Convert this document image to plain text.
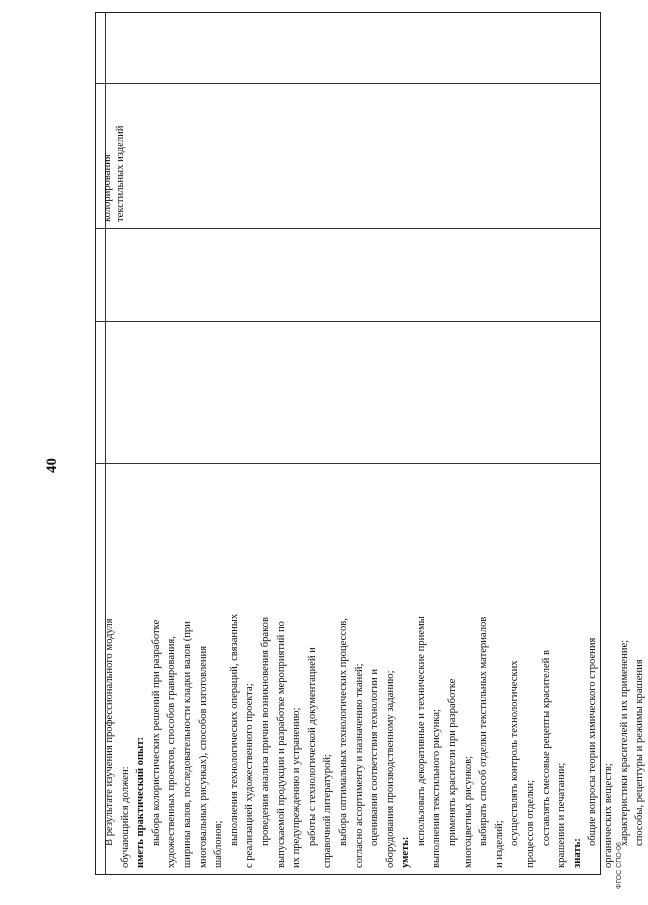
ФГОС СПО-06
40
В результате изучения профессионального модуля обучающийся должен: иметь практический опыт: выбора колористических решений при разработке художественных проектов, способов гравирования, ширины валов, последовательности кладки валов (при многовальных рисунках), способов изготовления шаблонов; выполнения технологических операций, связанных с реализацией художественного проекта; проведения анализа причин возникновения браков выпускаемой продукции и разработке мероприятий по их предупреждению и устранению; работы с технологической документацией и справочной литературой; выбора оптимальных технологических процессов, согласно ассортименту и назначению тканей; оценивания соответствия технологии и оборудования производственному заданию; уметь:
использовать декоративные и технические приемы выполнения текстильного рисунка; применять красители при разработке многоцветных рисунков; выбирать способ отделки текстильных материалов и изделий; осуществлять контроль технологических процессов отделки; составлять смесовые рецепты красителей в крашении и печатании; знать:
общие вопросы теории химического строения органических веществ; характеристики красителей и их применение; способы, рецептуры и режимы крашения
колорирования текстильных изделий
